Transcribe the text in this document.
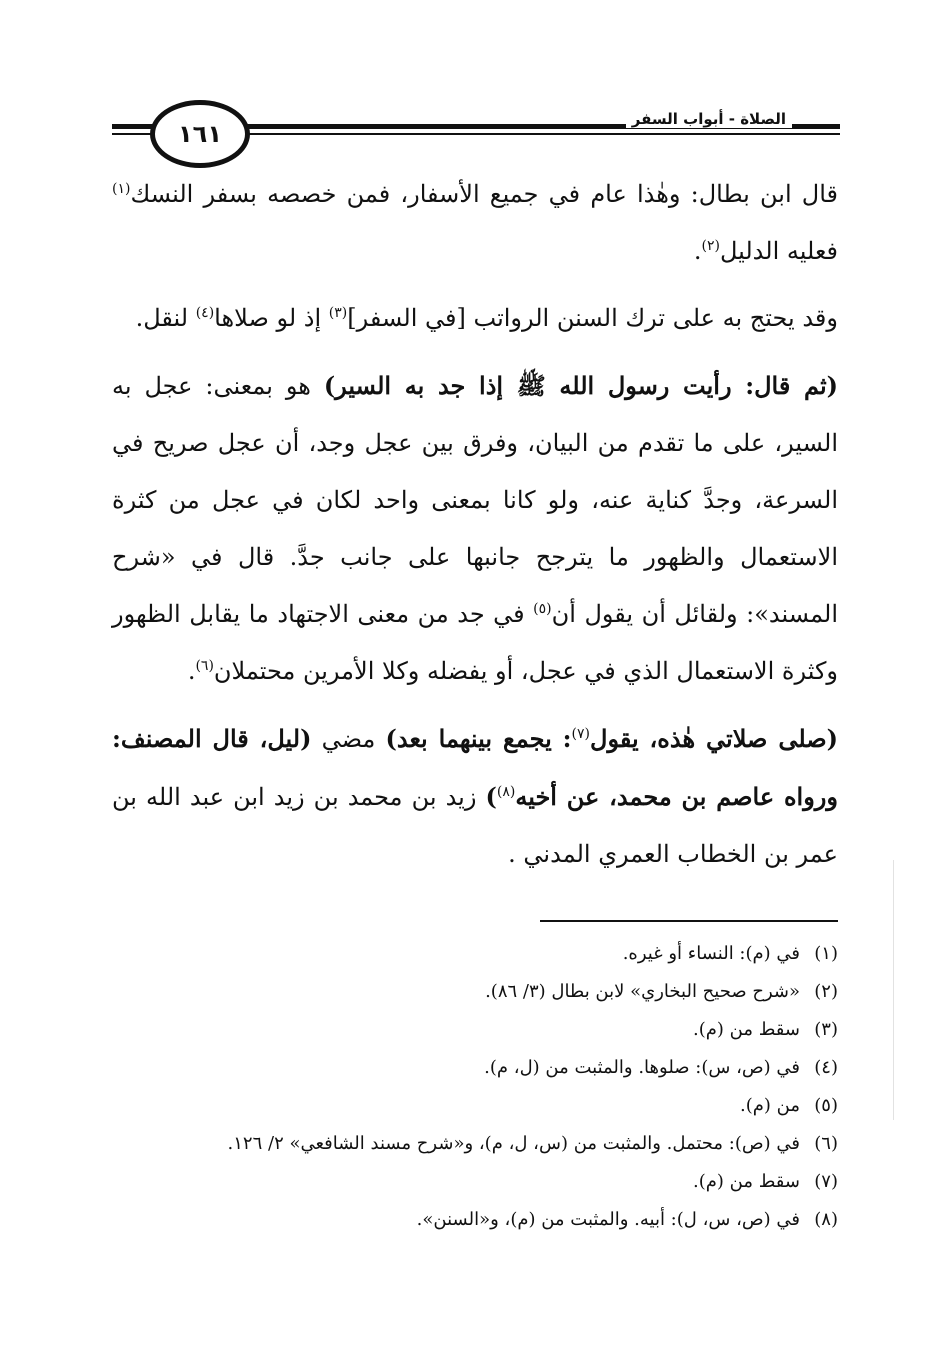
١٦١
الصلاة - أبواب السفر

قال ابن بطال: وهٰذا عام في جميع الأسفار، فمن خصصه بسفر النسك$^{(١)}$ فعليه الدليل$^{(٢)}$.

وقد يحتج به على ترك السنن الرواتب [في السفر]$^{(٣)}$ إذ لو صلاها$^{(٤)}$ لنقل.

(ثم قال: رأيت رسول الله ﷺ إذا جد به السير) هو بمعنى: عجل به السير، على ما تقدم من البيان، وفرق بين عجل وجد، أن عجل صريح في السرعة، وجدَّ كناية عنه، ولو كانا بمعنى واحد لكان في عجل من كثرة الاستعمال والظهور ما يترجح جانبها على جانب جدَّ. قال في «شرح المسند»: ولقائل أن يقول أن$^{(٥)}$ في جد من معنى الاجتهاد ما يقابل الظهور وكثرة الاستعمال الذي في عجل، أو يفضله وكلا الأمرين محتملان$^{(٦)}$.

(صلى صلاتي هٰذه، يقول$^{(٧)}$: يجمع بينهما بعد) مضي (ليل، قال المصنف: ورواه عاصم بن محمد، عن أخيه$^{(٨)}$) زيد بن محمد بن زيد ابن عبد الله بن عمر بن الخطاب العمري المدني .

(١)
في (م): النساء أو غيره.
(٢)
«شرح صحيح البخاري» لابن بطال (٣/ ٨٦).
(٣)
سقط من (م).
(٤)
في (ص، س): صلوها. والمثبت من (ل، م).
(٥)
من (م).
(٦)
في (ص): محتمل. والمثبت من (س، ل، م)، و«شرح مسند الشافعي» ٢/ ١٢٦.
(٧)
سقط من (م).
(٨)
في (ص، س، ل): أبيه. والمثبت من (م)، و«السنن».
